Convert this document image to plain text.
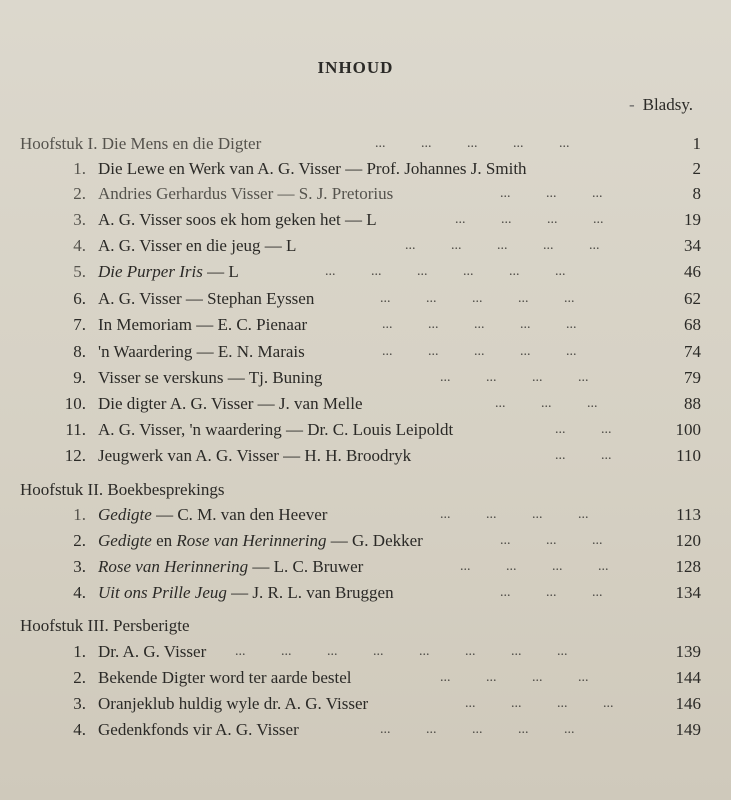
INHOUD
- Bladsy.
Hoofstuk I. Die Mens en die Digter	... ... ... ... ...	1
1. Die Lewe en Werk van A. G. Visser — Prof. Johannes J. Smith	2
2. Andries Gerhardus Visser — S. J. Pretorius	... ... ...	8
3. A. G. Visser soos ek hom geken het — L	... ... ... ...	19
4. A. G. Visser en die jeug — L	... ... ... ... ...	34
5. Die Purper Iris — L	... ... ... ... ... ...	46
6. A. G. Visser — Stephan Eyssen	... ... ... ... ...	62
7. In Memoriam — E. C. Pienaar	... ... ... ... ...	68
8. 'n Waardering — E. N. Marais	... ... ... ... ...	74
9. Visser se verskuns — Tj. Buning	... ... ... ...	79
10. Die digter A. G. Visser — J. van Melle	... ... ...	88
11. A. G. Visser, 'n waardering — Dr. C. Louis Leipoldt	... ...	100
12. Jeugwerk van A. G. Visser — H. H. Broodryk	... ...	110
Hoofstuk II. Boekbesprekings
1. Gedigte — C. M. van den Heever	... ... ... ...	113
2. Gedigte en Rose van Herinnering — G. Dekker	... ... ...	120
3. Rose van Herinnering — L. C. Bruwer	... ... ... ...	128
4. Uit ons Prille Jeug — J. R. L. van Bruggen	... ... ...	134
Hoofstuk III. Persberigte
1. Dr. A. G. Visser ... ... ... ... ... ... ... ...	139
2. Bekende Digter word ter aarde bestel	... ... ... ...	144
3. Oranjeklub huldig wyle dr. A. G. Visser	... ... ... ...	146
4. Gedenkfonds vir A. G. Visser	... ... ... ... ...	149
